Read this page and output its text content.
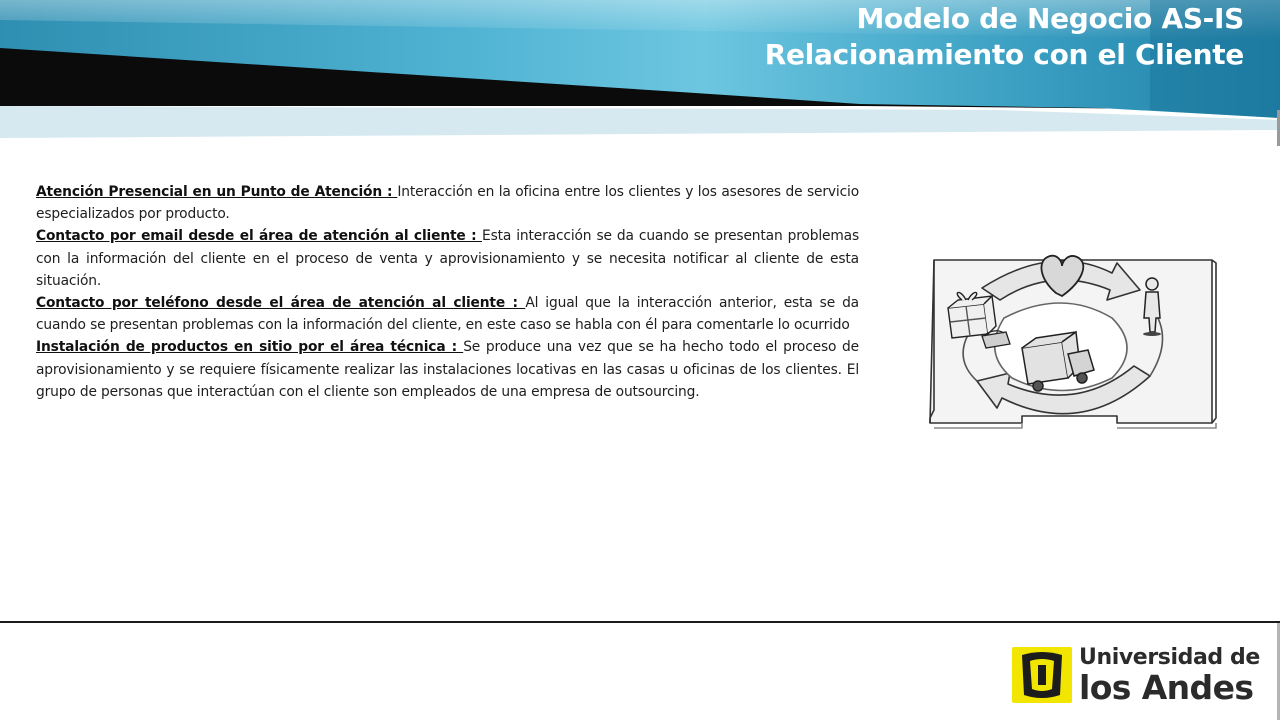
Modelo de Negocio AS-IS
Relacionamiento con el Cliente

Atención Presencial en un Punto de Atención : Interacción en la oficina entre los clientes y los asesores de servicio especializados por producto.

Contacto por email desde el área de atención al cliente : Esta interacción se da cuando se presentan problemas con la información del cliente en el proceso de venta y aprovisionamiento y se necesita notificar al cliente de esta situación.

Contacto por teléfono desde el área de atención al cliente : Al igual que la interacción anterior, esta se da cuando se presentan problemas con la información del cliente, en este caso se habla con él para comentarle lo ocurrido

Instalación de productos en sitio por el área técnica : Se produce una vez que se ha hecho todo el proceso de aprovisionamiento y se requiere físicamente realizar las instalaciones locativas en las casas u oficinas de los clientes. El grupo de personas que interactúan con el cliente son empleados de una empresa de outsourcing.

Universidad de
los Andes
